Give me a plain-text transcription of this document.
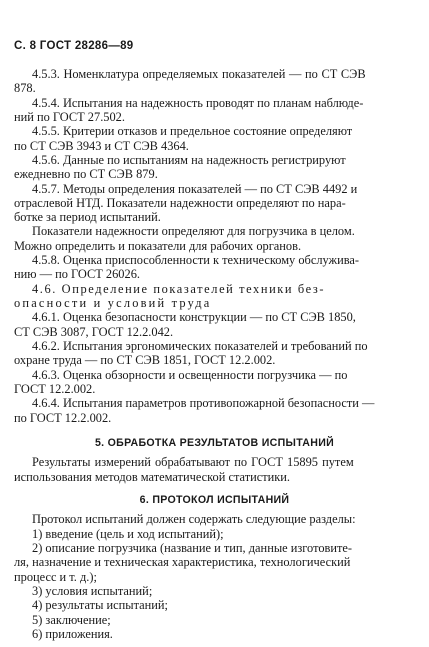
С. 8 ГОСТ 28286—89
4.5.3. Номенклатура определяемых показателей — по СТ СЭВ
878.
4.5.4. Испытания на надежность проводят по планам наблюде-
ний по ГОСТ 27.502.
4.5.5. Критерии отказов и предельное состояние определяют
по СТ СЭВ 3943 и СТ СЭВ 4364.
4.5.6. Данные по испытаниям на надежность регистрируют
ежедневно по СТ СЭВ 879.
4.5.7. Методы определения показателей — по СТ СЭВ 4492 и
отраслевой НТД. Показатели надежности определяют по нара-
ботке за период испытаний.
Показатели надежности определяют для погрузчика в целом.
Можно определить и показатели для рабочих органов.
4.5.8. Оценка приспособленности к техническому обслужива-
нию — по ГОСТ 26026.
4.6. Определение показателей техники без-
опасности и условий труда
4.6.1. Оценка безопасности конструкции — по СТ СЭВ 1850,
СТ СЭВ 3087, ГОСТ 12.2.042.
4.6.2. Испытания эргономических показателей и требований по
охране труда — по СТ СЭВ 1851, ГОСТ 12.2.002.
4.6.3. Оценка обзорности и освещенности погрузчика — по
ГОСТ 12.2.002.
4.6.4. Испытания параметров противопожарной безопасности —
по ГОСТ 12.2.002.
5. ОБРАБОТКА РЕЗУЛЬТАТОВ ИСПЫТАНИЙ
Результаты измерений обрабатывают по ГОСТ 15895 путем
использования методов математической статистики.
6. ПРОТОКОЛ ИСПЫТАНИЙ
Протокол испытаний должен содержать следующие разделы:
1) введение (цель и ход испытаний);
2) описание погрузчика (название и тип, данные изготовите-
ля, назначение и техническая характеристика, технологический
процесс и т. д.);
3) условия испытаний;
4) результаты испытаний;
5) заключение;
6) приложения.
